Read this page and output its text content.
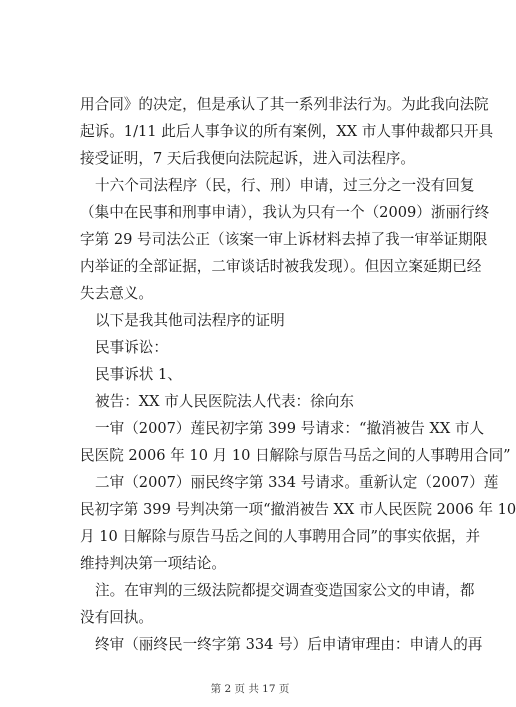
用合同》的决定，但是承认了其一系列非法行为。为此我向法院
起诉。1/11 此后人事争议的所有案例，XX 市人事仲裁都只开具
接受证明，7 天后我便向法院起诉，进入司法程序。
十六个司法程序（民，行、刑）申请，过三分之一没有回复
（集中在民事和刑事申请），我认为只有一个（2009）浙丽行终
字第 29 号司法公正（该案一审上诉材料去掉了我一审举证期限
内举证的全部证据，二审谈话时被我发现）。但因立案延期已经
失去意义。
以下是我其他司法程序的证明
民事诉讼：
民事诉状 1、
被告：XX 市人民医院法人代表：徐向东
一审（2007）莲民初字第 399 号请求：“撤消被告 XX 市人
民医院 2006 年 10 月 10 日解除与原告马岳之间的人事聘用合同”
二审（2007）丽民终字第 334 号请求。重新认定（2007）莲
民初字第 399 号判决第一项“撤消被告 XX 市人民医院 2006 年 10
月 10 日解除与原告马岳之间的人事聘用合同”的事实依据，并
维持判决第一项结论。
注。在审判的三级法院都提交调查变造国家公文的申请，都
没有回执。
终审（丽终民一终字第 334 号）后申请审理由：申请人的再
第 2 页 共 17 页
